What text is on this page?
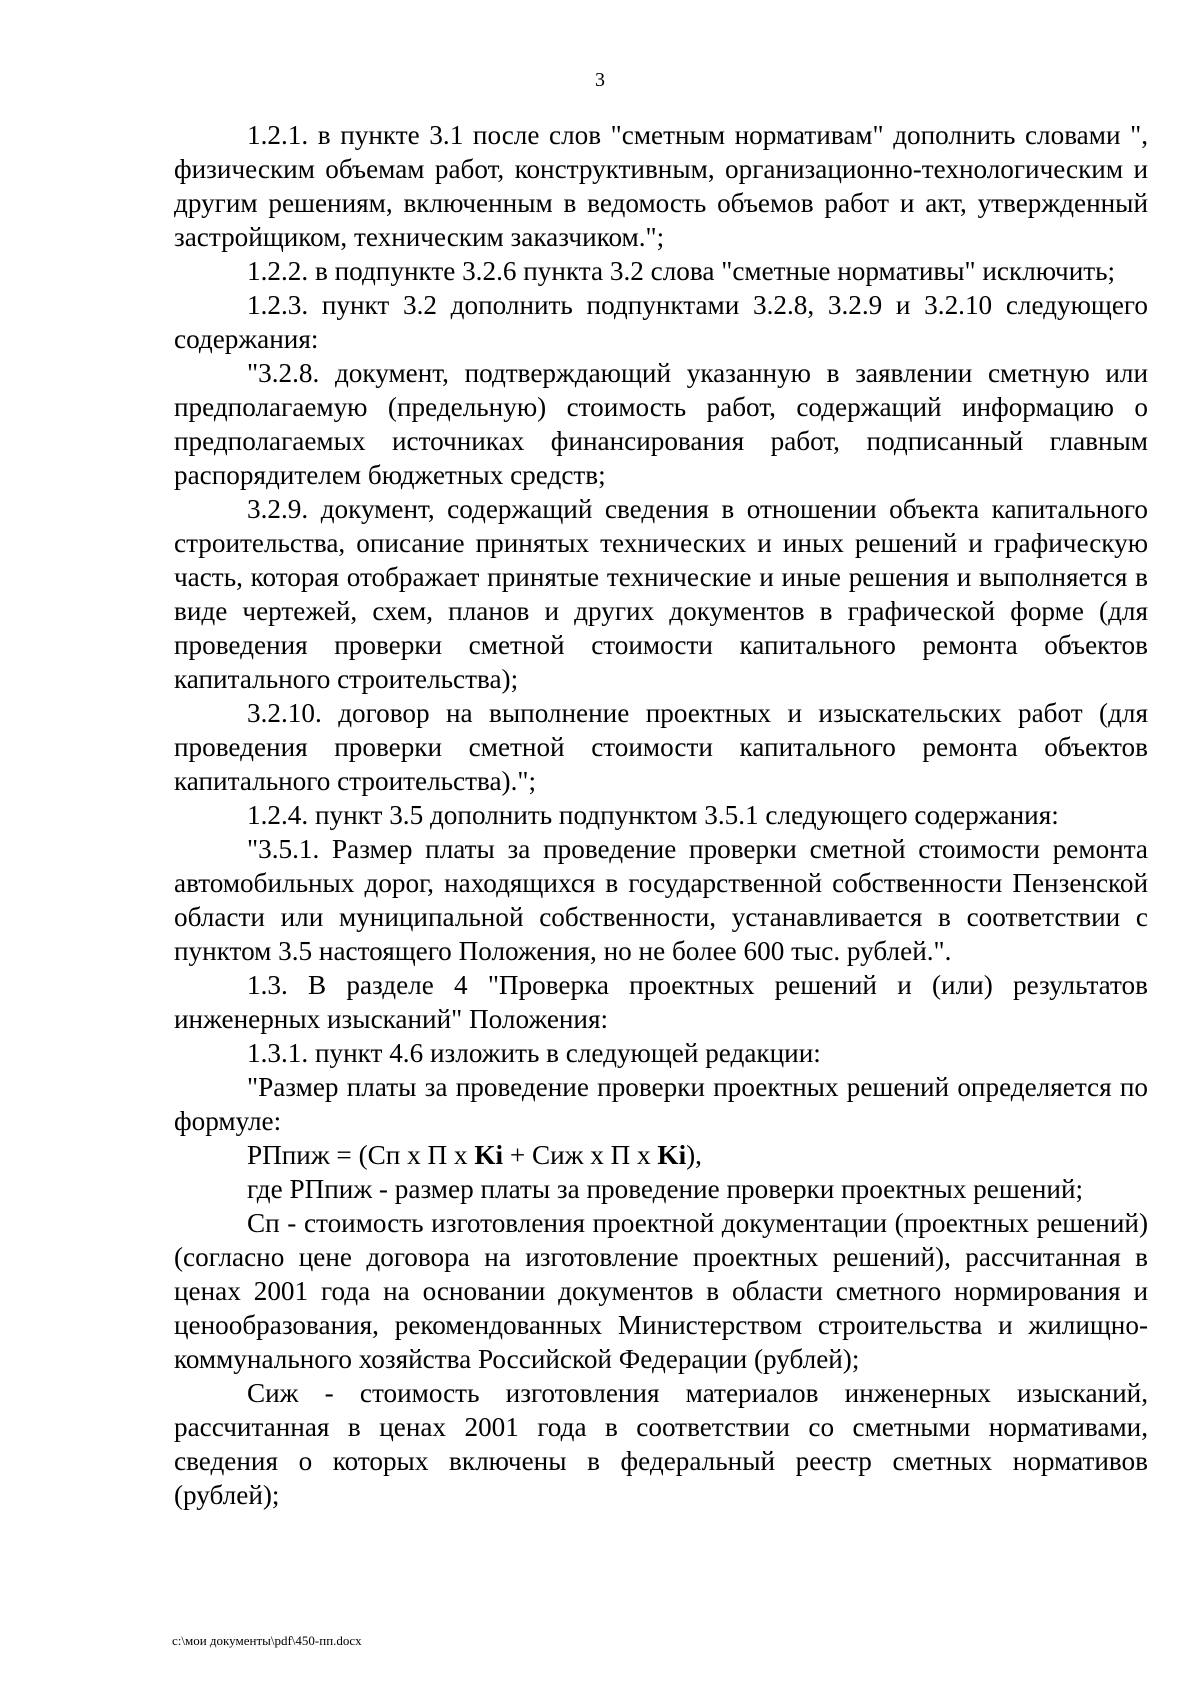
3

1.2.1. в пункте 3.1 после слов "сметным нормативам" дополнить словами ", физическим объемам работ, конструктивным, организационно-технологическим и другим решениям, включенным в ведомость объемов работ и акт, утвержденный застройщиком, техническим заказчиком.";

1.2.2. в подпункте 3.2.6 пункта 3.2 слова "сметные нормативы" исключить;

1.2.3. пункт 3.2 дополнить подпунктами 3.2.8, 3.2.9 и 3.2.10 следующего содержания:

"3.2.8. документ, подтверждающий указанную в заявлении сметную или предполагаемую (предельную) стоимость работ, содержащий информацию о предполагаемых источниках финансирования работ, подписанный главным распорядителем бюджетных средств;

3.2.9. документ, содержащий сведения в отношении объекта капитального строительства, описание принятых технических и иных решений и графическую часть, которая отображает принятые технические и иные решения и выполняется в виде чертежей, схем, планов и других документов в графической форме (для проведения проверки сметной стоимости капитального ремонта объектов капитального строительства);

3.2.10. договор на выполнение проектных и изыскательских работ (для проведения проверки сметной стоимости капитального ремонта объектов капитального строительства).";

1.2.4. пункт 3.5 дополнить подпунктом 3.5.1 следующего содержания:

"3.5.1. Размер платы за проведение проверки сметной стоимости ремонта автомобильных дорог, находящихся в государственной собственности Пензенской области или муниципальной собственности, устанавливается в соответствии с пунктом 3.5 настоящего Положения, но не более 600 тыс. рублей.".

1.3. В разделе 4 "Проверка проектных решений и (или) результатов инженерных изысканий" Положения:

1.3.1. пункт 4.6 изложить в следующей редакции:

"Размер платы за проведение проверки проектных решений определяется по формуле:

РПпиж = (Сп х П х Ki + Сиж х П х Ki),

где РПпиж - размер платы за проведение проверки проектных решений;

Сп - стоимость изготовления проектной документации (проектных решений) (согласно цене договора на изготовление проектных решений), рассчитанная в ценах 2001 года на основании документов в области сметного нормирования и ценообразования, рекомендованных Министерством строительства и жилищно-коммунального хозяйства Российской Федерации (рублей);

Сиж - стоимость изготовления материалов инженерных изысканий, рассчитанная в ценах 2001 года в соответствии со сметными нормативами, сведения о которых включены в федеральный реестр сметных нормативов (рублей);

c:\мои документы\pdf\450-пп.docx
